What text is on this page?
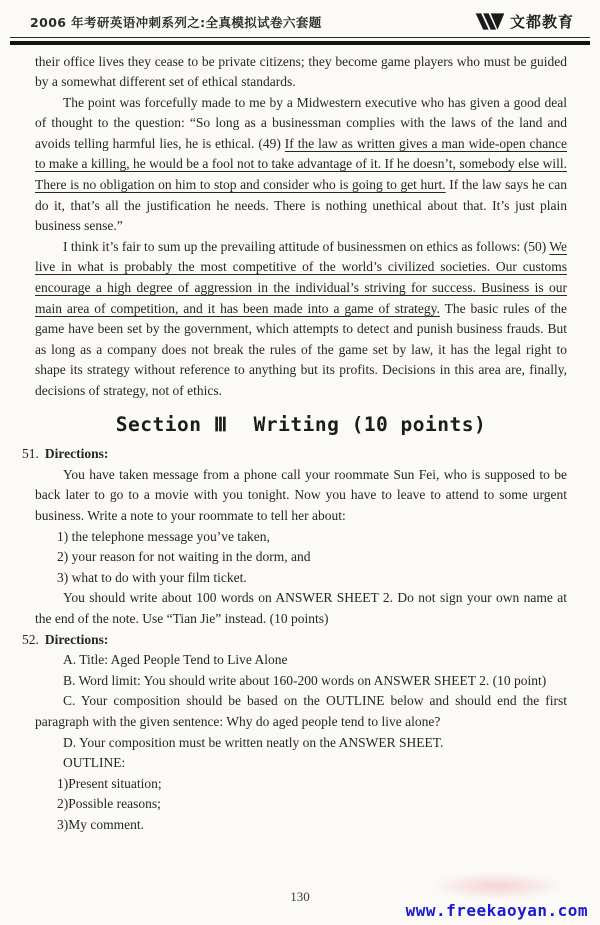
2006 年考研英语冲刺系列之:全真模拟试卷六套题	文都教育

their office lives they cease to be private citizens; they become game players who must be guided by a somewhat different set of ethical standards.

The point was forcefully made to me by a Midwestern executive who has given a good deal of thought to the question: “So long as a businessman complies with the laws of the land and avoids telling harmful lies, he is ethical. (49) If the law as written gives a man wide-open chance to make a killing, he would be a fool not to take advantage of it. If he doesn’t, somebody else will. There is no obligation on him to stop and consider who is going to get hurt. If the law says he can do it, that’s all the justification he needs. There is nothing unethical about that. It’s just plain business sense.”

I think it’s fair to sum up the prevailing attitude of businessmen on ethics as follows: (50) We live in what is probably the most competitive of the world’s civilized societies. Our customs encourage a high degree of aggression in the individual’s striving for success. Business is our main area of competition, and it has been made into a game of strategy. The basic rules of the game have been set by the government, which attempts to detect and punish business frauds. But as long as a company does not break the rules of the game set by law, it has the legal right to shape its strategy without reference to anything but its profits. Decisions in this area are, finally, decisions of strategy, not of ethics.

Section Ⅲ Writing (10 points)

51. Directions:

You have taken message from a phone call your roommate Sun Fei, who is supposed to be back later to go to a movie with you tonight. Now you have to leave to attend to some urgent business. Write a note to your roommate to tell her about:

1) the telephone message you’ve taken,

2) your reason for not waiting in the dorm, and

3) what to do with your film ticket.

You should write about 100 words on ANSWER SHEET 2. Do not sign your own name at the end of the note. Use “Tian Jie” instead. (10 points)

52. Directions:

A. Title: Aged People Tend to Live Alone

B. Word limit: You should write about 160-200 words on ANSWER SHEET 2. (10 point)

C. Your composition should be based on the OUTLINE below and should end the first paragraph with the given sentence: Why do aged people tend to live alone?

D. Your composition must be written neatly on the ANSWER SHEET.

OUTLINE:

1)Present situation;

2)Possible reasons;

3)My comment.

130
www.freekaoyan.com
